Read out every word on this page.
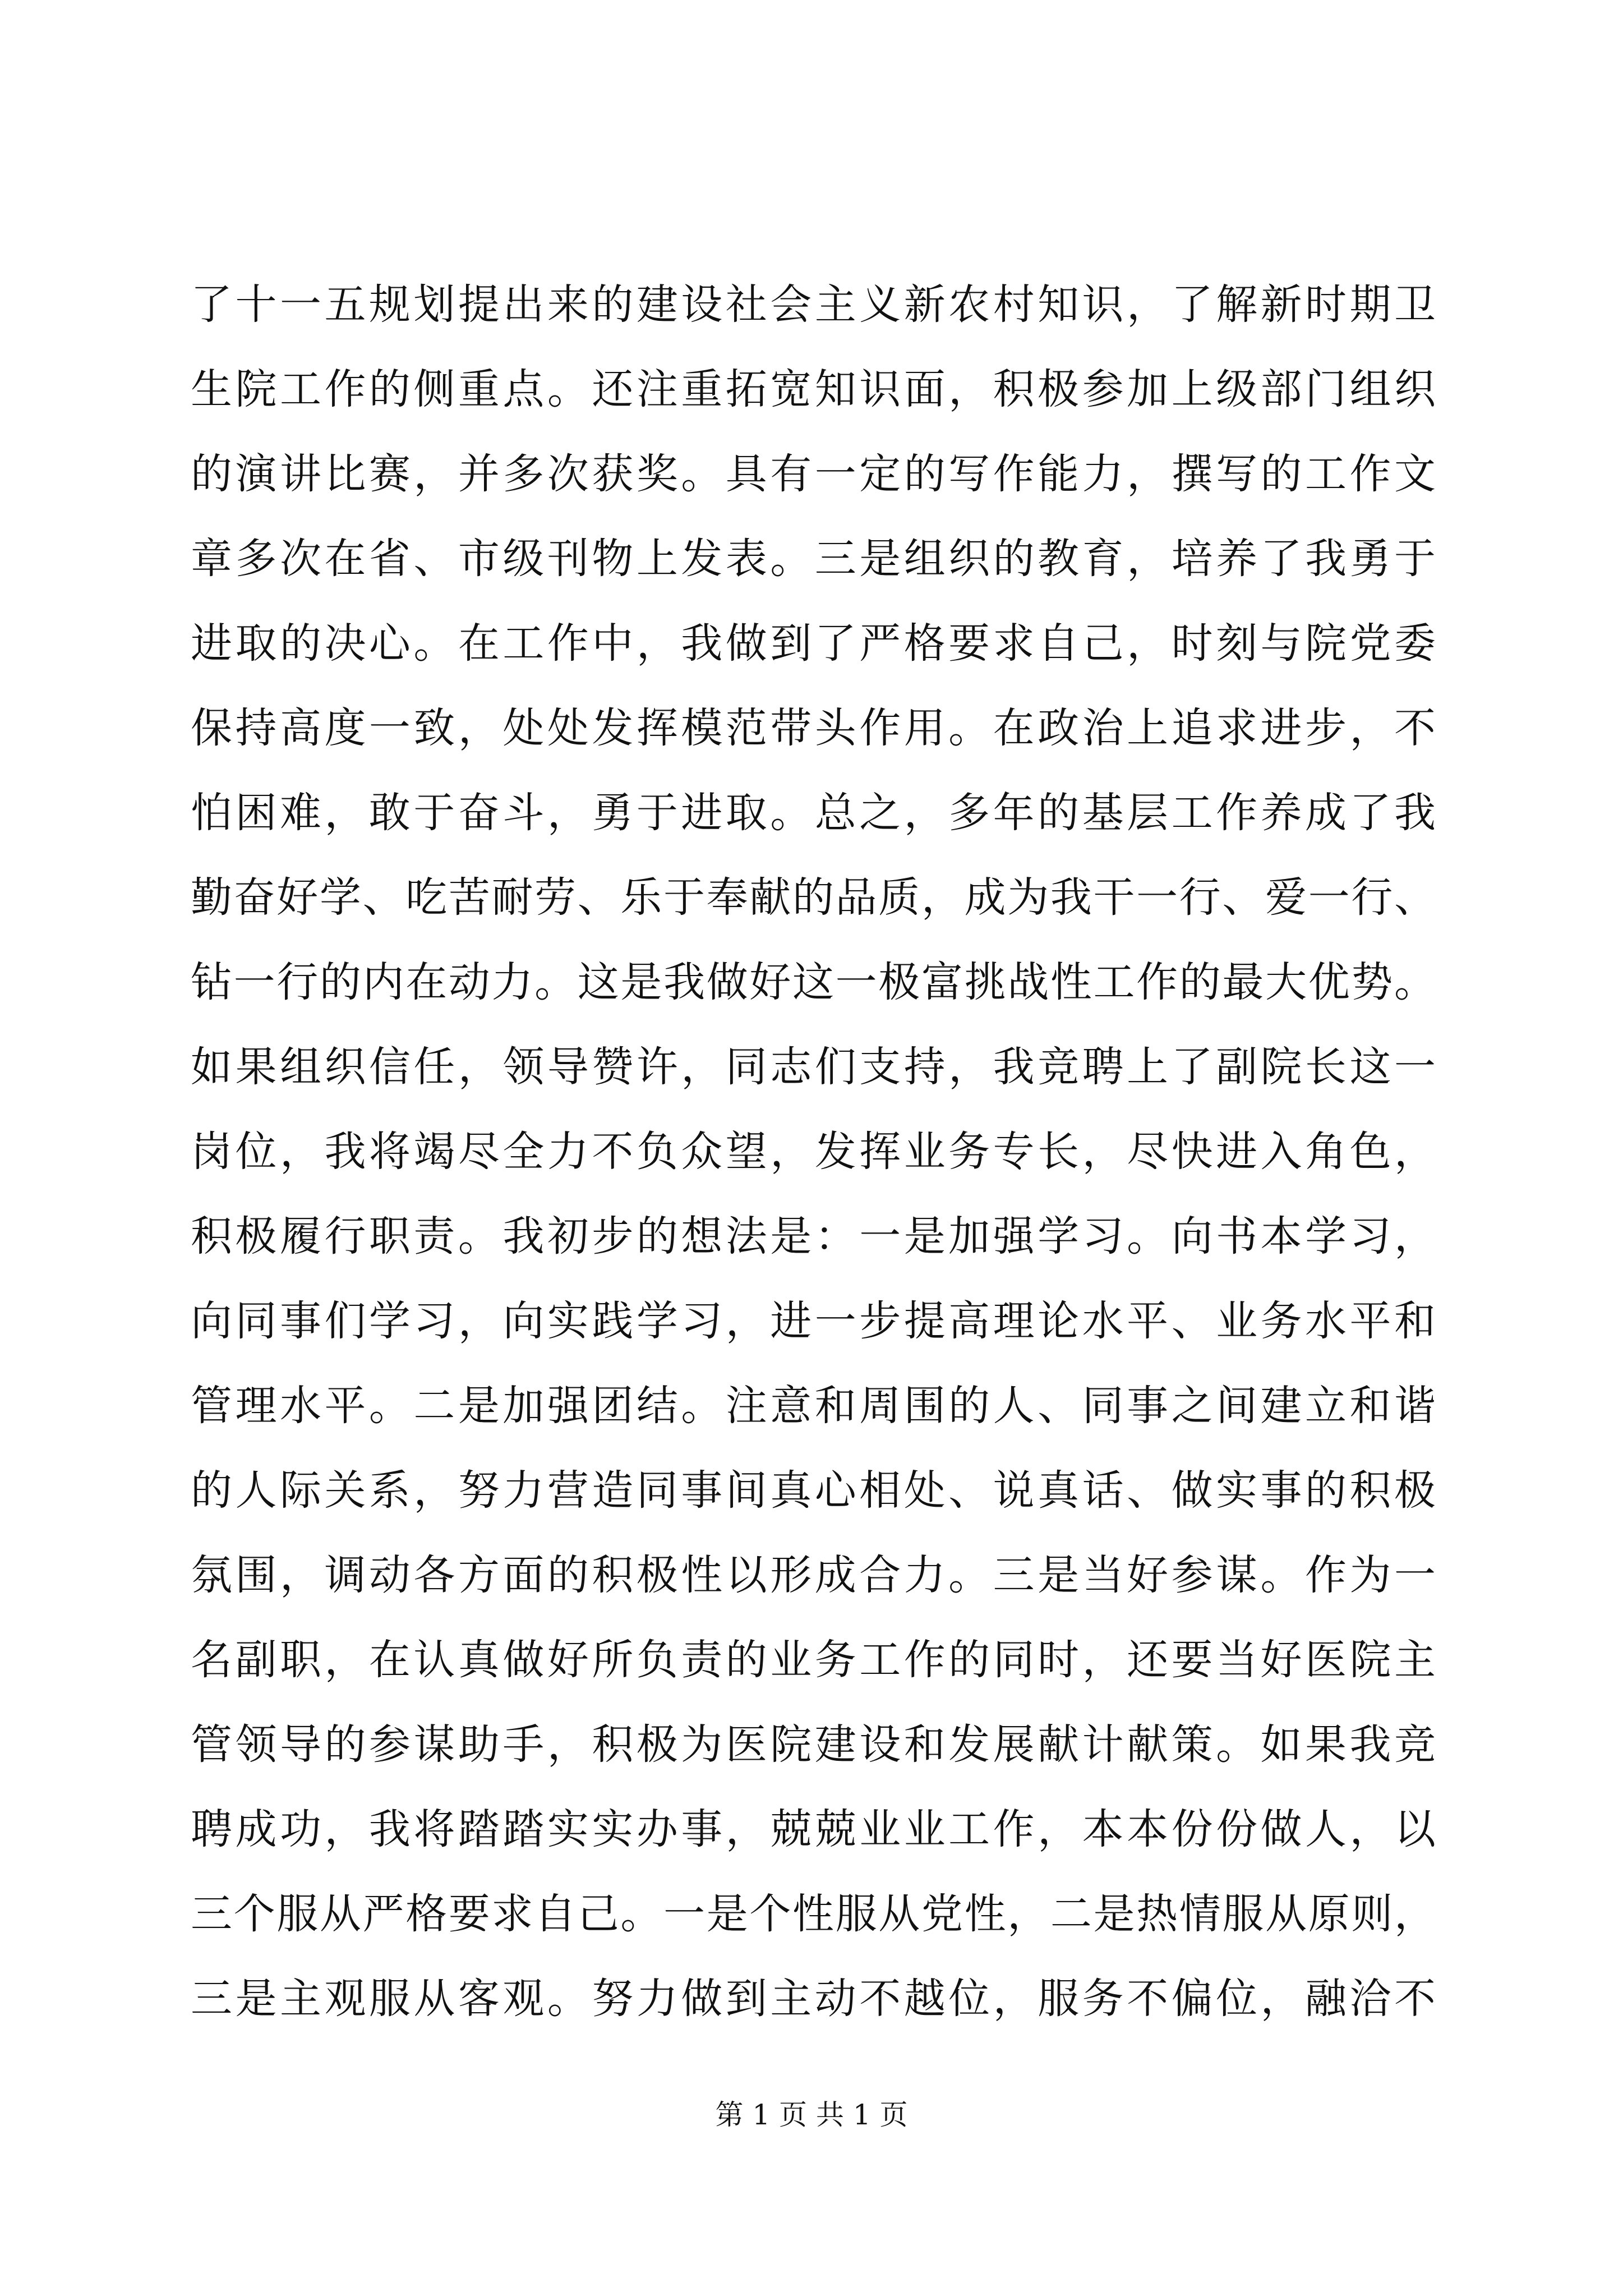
了十一五规划提出来的建设社会主义新农村知识，了解新时期卫
生院工作的侧重点。还注重拓宽知识面，积极参加上级部门组织
的演讲比赛，并多次获奖。具有一定的写作能力，撰写的工作文
章多次在省、市级刊物上发表。三是组织的教育，培养了我勇于
进取的决心。在工作中，我做到了严格要求自己，时刻与院党委
保持高度一致，处处发挥模范带头作用。在政治上追求进步，不
怕困难，敢于奋斗，勇于进取。总之，多年的基层工作养成了我
勤奋好学、吃苦耐劳、乐于奉献的品质，成为我干一行、爱一行、
钻一行的内在动力。这是我做好这一极富挑战性工作的最大优势。
如果组织信任，领导赞许，同志们支持，我竞聘上了副院长这一
岗位，我将竭尽全力不负众望，发挥业务专长，尽快进入角色，
积极履行职责。我初步的想法是：一是加强学习。向书本学习，
向同事们学习，向实践学习，进一步提高理论水平、业务水平和
管理水平。二是加强团结。注意和周围的人、同事之间建立和谐
的人际关系，努力营造同事间真心相处、说真话、做实事的积极
氛围，调动各方面的积极性以形成合力。三是当好参谋。作为一
名副职，在认真做好所负责的业务工作的同时，还要当好医院主
管领导的参谋助手，积极为医院建设和发展献计献策。如果我竞
聘成功，我将踏踏实实办事，兢兢业业工作，本本份份做人，以
三个服从严格要求自己。一是个性服从党性，二是热情服从原则，
三是主观服从客观。努力做到主动不越位，服务不偏位，融洽不
第 1 页 共 1 页
